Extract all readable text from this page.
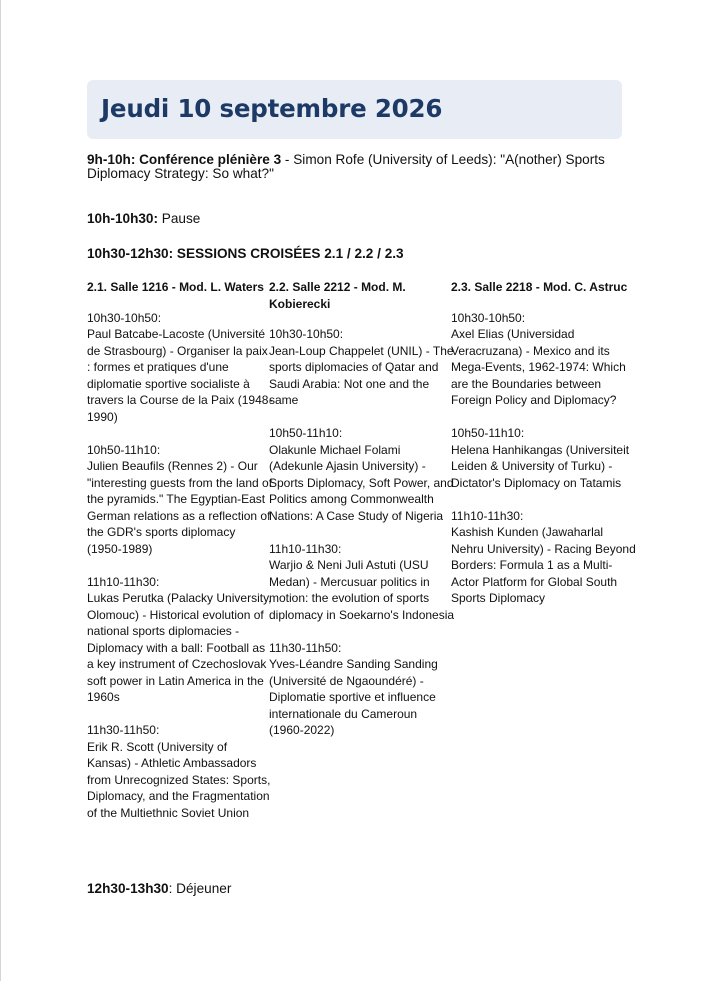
Jeudi 10 septembre 2026
9h-10h: Conférence plénière 3 - Simon Rofe (University of Leeds): "A(nother) Sports Diplomacy Strategy: So what?"
10h-10h30: Pause
10h30-12h30: SESSIONS CROISÉES 2.1 / 2.2 / 2.3
2.1. Salle 1216 - Mod. L. Waters
10h30-10h50:
Paul Batcabe-Lacoste (Université de Strasbourg) - Organiser la paix : formes et pratiques d'une diplomatie sportive socialiste à travers la Course de la Paix (1948-1990)
10h50-11h10:
Julien Beaufils (Rennes 2) - Our "interesting guests from the land of the pyramids." The Egyptian-East German relations as a reflection of the GDR's sports diplomacy (1950-1989)
11h10-11h30:
Lukas Perutka (Palacky University, Olomouc) - Historical evolution of national sports diplomacies - Diplomacy with a ball: Football as a key instrument of Czechoslovak soft power in Latin America in the 1960s
11h30-11h50:
Erik R. Scott (University of Kansas) - Athletic Ambassadors from Unrecognized States: Sports, Diplomacy, and the Fragmentation of the Multiethnic Soviet Union
2.2. Salle 2212 - Mod. M. Kobierecki
10h30-10h50:
Jean-Loup Chappelet (UNIL) - The sports diplomacies of Qatar and Saudi Arabia: Not one and the same
10h50-11h10:
Olakunle Michael Folami (Adekunle Ajasin University) - Sports Diplomacy, Soft Power, and Politics among Commonwealth Nations: A Case Study of Nigeria
11h10-11h30:
Warjio & Neni Juli Astuti (USU Medan) - Mercusuar politics in motion: the evolution of sports diplomacy in Soekarno's Indonesia
11h30-11h50:
Yves-Léandre Sanding Sanding (Université de Ngaoundéré) - Diplomatie sportive et influence internationale du Cameroun (1960-2022)
2.3. Salle 2218 - Mod. C. Astruc
10h30-10h50:
Axel Elias (Universidad Veracruzana) - Mexico and its Mega-Events, 1962-1974: Which are the Boundaries between Foreign Policy and Diplomacy?
10h50-11h10:
Helena Hanhikangas (Universiteit Leiden & University of Turku) - Dictator's Diplomacy on Tatamis
11h10-11h30:
Kashish Kunden (Jawaharlal Nehru University) - Racing Beyond Borders: Formula 1 as a Multi-Actor Platform for Global South Sports Diplomacy
12h30-13h30: Déjeuner
